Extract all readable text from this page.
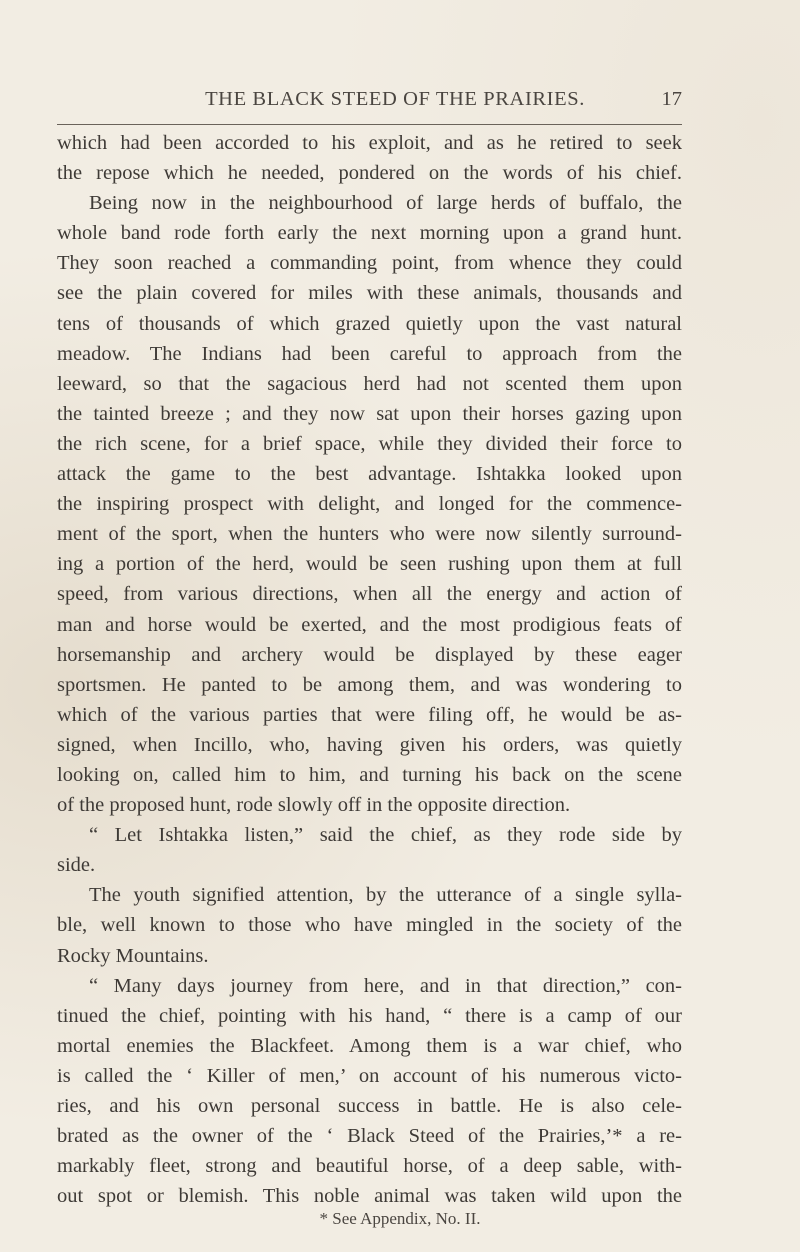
THE BLACK STEED OF THE PRAIRIES.	17
which had been accorded to his exploit, and as he retired to seek
the repose which he needed, pondered on the words of his chief.
Being now in the neighbourhood of large herds of buffalo, the
whole band rode forth early the next morning upon a grand hunt.
They soon reached a commanding point, from whence they could
see the plain covered for miles with these animals, thousands and
tens of thousands of which grazed quietly upon the vast natural
meadow. The Indians had been careful to approach from the
leeward, so that the sagacious herd had not scented them upon
the tainted breeze ; and they now sat upon their horses gazing upon
the rich scene, for a brief space, while they divided their force to
attack the game to the best advantage. Ishtakka looked upon
the inspiring prospect with delight, and longed for the commence-
ment of the sport, when the hunters who were now silently surround-
ing a portion of the herd, would be seen rushing upon them at full
speed, from various directions, when all the energy and action of
man and horse would be exerted, and the most prodigious feats of
horsemanship and archery would be displayed by these eager
sportsmen. He panted to be among them, and was wondering to
which of the various parties that were filing off, he would be as-
signed, when Incillo, who, having given his orders, was quietly
looking on, called him to him, and turning his back on the scene
of the proposed hunt, rode slowly off in the opposite direction.
“ Let Ishtakka listen,” said the chief, as they rode side by
side.
The youth signified attention, by the utterance of a single sylla-
ble, well known to those who have mingled in the society of the
Rocky Mountains.
“ Many days journey from here, and in that direction,” con-
tinued the chief, pointing with his hand, “ there is a camp of our
mortal enemies the Blackfeet. Among them is a war chief, who
is called the ‘ Killer of men,’ on account of his numerous victo-
ries, and his own personal success in battle. He is also cele-
brated as the owner of the ‘ Black Steed of the Prairies,’* a re-
markably fleet, strong and beautiful horse, of a deep sable, with-
out spot or blemish. This noble animal was taken wild upon the
* See Appendix, No. II.
